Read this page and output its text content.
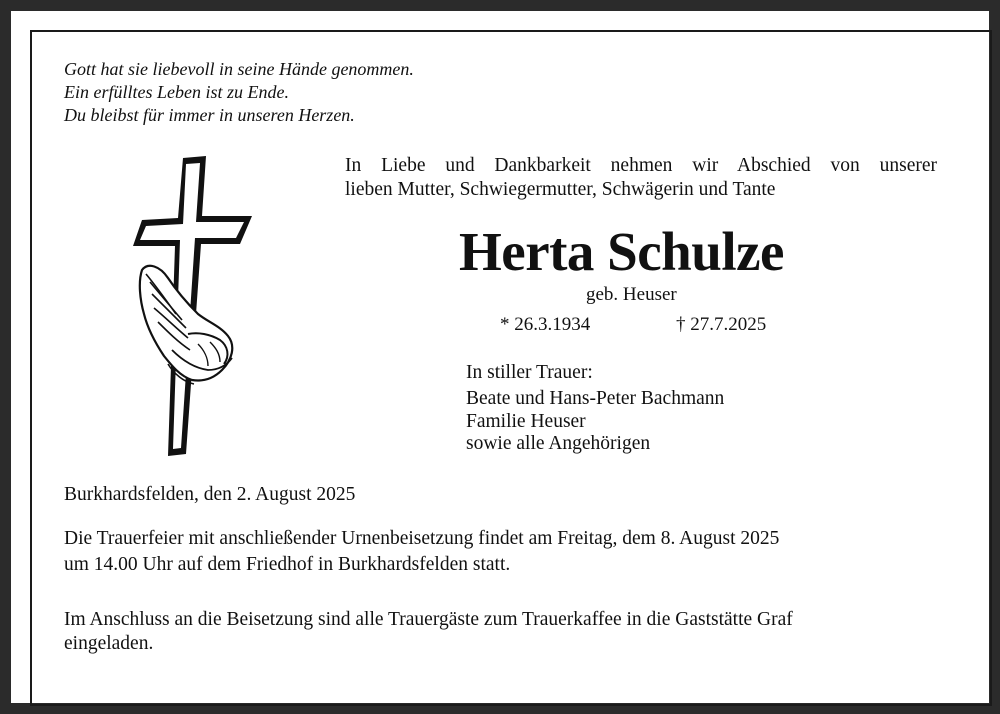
Gott hat sie liebevoll in seine Hände genommen.
Ein erfülltes Leben ist zu Ende.
Du bleibst für immer in unseren Herzen.
In Liebe und Dankbarkeit nehmen wir Abschied von unserer
lieben Mutter, Schwiegermutter, Schwägerin und Tante
Herta Schulze
geb. Heuser
* 26.3.1934	† 27.7.2025
In stiller Trauer:
Beate und Hans-Peter Bachmann
Familie Heuser
sowie alle Angehörigen
Burkhardsfelden, den 2. August 2025
Die Trauerfeier mit anschließender Urnenbeisetzung findet am Freitag, dem 8. August 2025
um 14.00 Uhr auf dem Friedhof in Burkhardsfelden statt.
Im Anschluss an die Beisetzung sind alle Trauergäste zum Trauerkaffee in die Gaststätte Graf
eingeladen.
